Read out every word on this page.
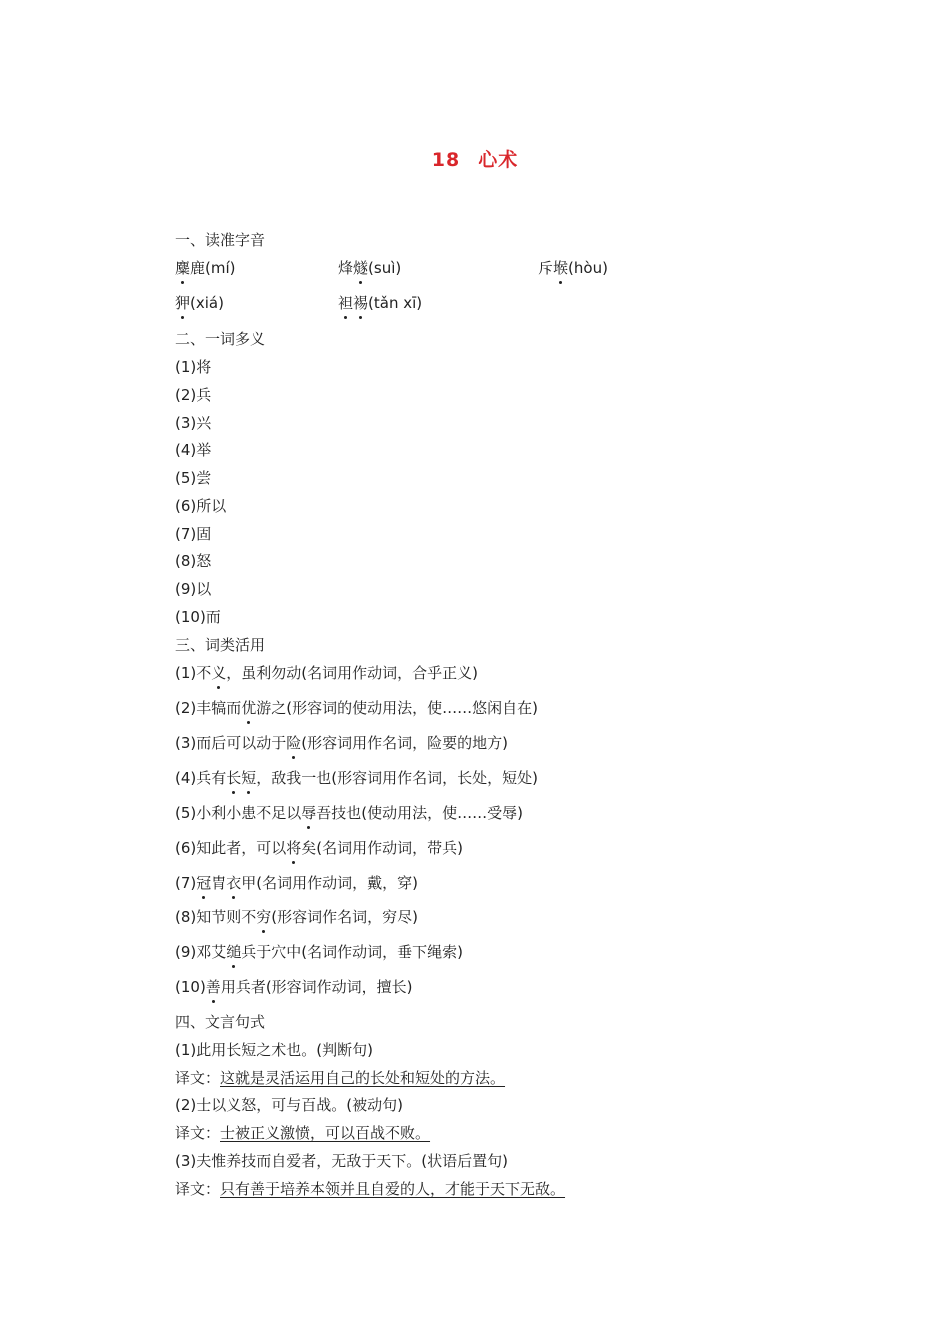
18 心术
一、读准字音
麋鹿(mí)	烽燧(suì)	斥堠(hòu)
狎(xiá)	袒裼(tǎn xī)
二、一词多义
(1)将
(2)兵
(3)兴
(4)举
(5)尝
(6)所以
(7)固
(8)怒
(9)以
(10)而
三、词类活用
(1)不义，虽利勿动(名词用作动词，合乎正义)
(2)丰犒而优游之(形容词的使动用法，使……悠闲自在)
(3)而后可以动于险(形容词用作名词，险要的地方)
(4)兵有长短，敌我一也(形容词用作名词，长处，短处)
(5)小利小患不足以辱吾技也(使动用法，使……受辱)
(6)知此者，可以将矣(名词用作动词，带兵)
(7)冠胄衣甲(名词用作动词，戴，穿)
(8)知节则不穷(形容词作名词，穷尽)
(9)邓艾缒兵于穴中(名词作动词，垂下绳索)
(10)善用兵者(形容词作动词，擅长)
四、文言句式
(1)此用长短之术也。(判断句)
译文：这就是灵活运用自己的长处和短处的方法。
(2)士以义怒，可与百战。(被动句)
译文：士被正义激愤，可以百战不败。
(3)夫惟养技而自爱者，无敌于天下。(状语后置句)
译文：只有善于培养本领并且自爱的人，才能于天下无敌。
